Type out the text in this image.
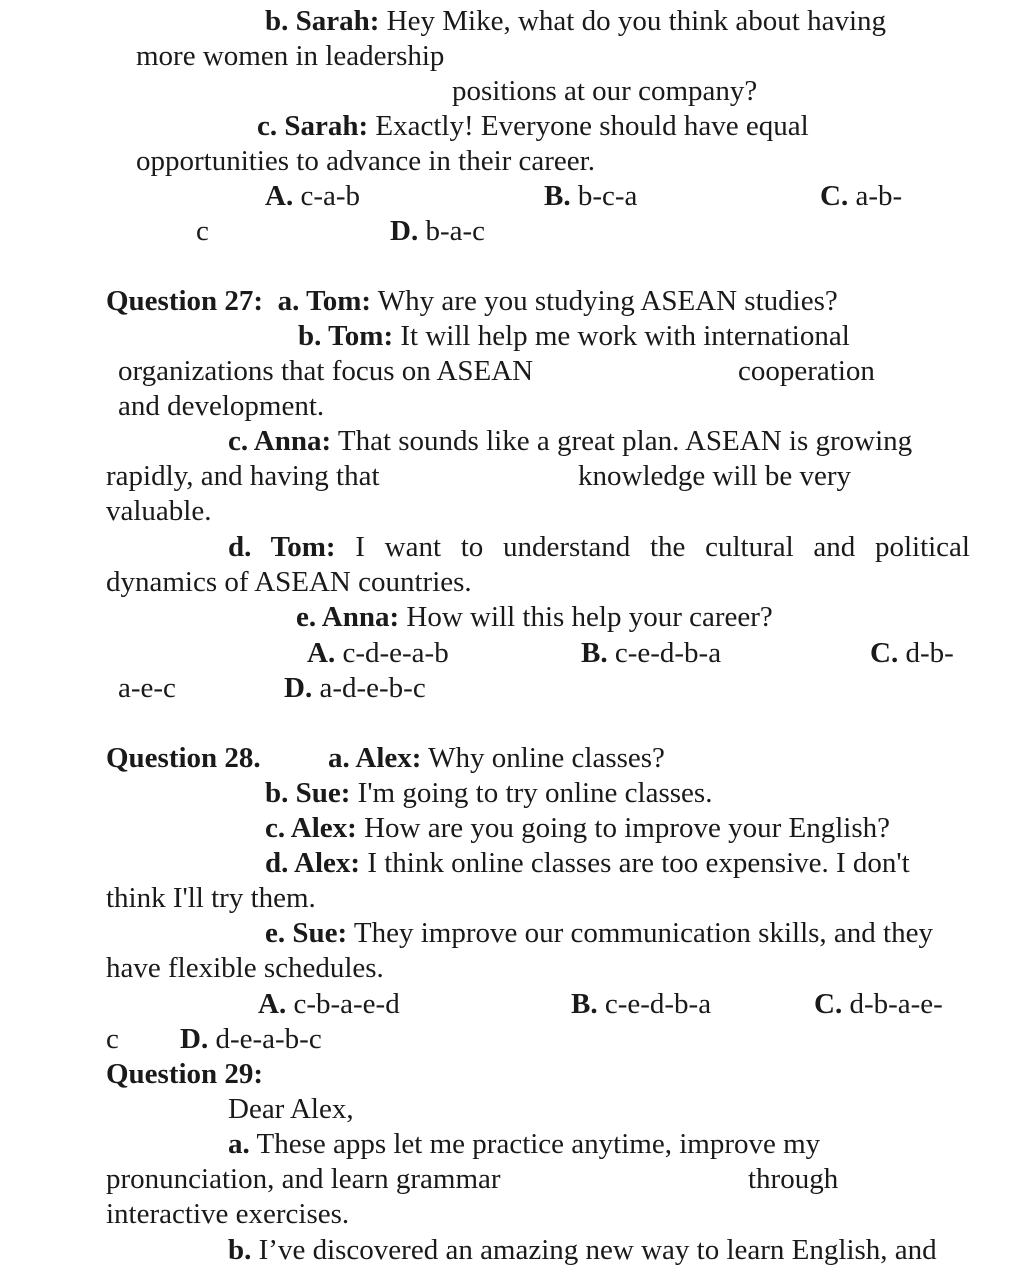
b. Sarah: Hey Mike, what do you think about having
more women in leadership
positions at our company?
c. Sarah: Exactly! Everyone should have equal
opportunities to advance in their career.
A. c-a-b	B. b-c-a	C. a-b-
c	D. b-a-c
Question 27: a. Tom: Why are you studying ASEAN studies?
b. Tom: It will help me work with international
organizations that focus on ASEAN	cooperation
and development.
c. Anna: That sounds like a great plan. ASEAN is growing
rapidly, and having that	knowledge will be very
valuable.
d. Tom: I want to understand the cultural and political
dynamics of ASEAN countries.
e. Anna: How will this help your career?
A. c-d-e-a-b	B. c-e-d-b-a	C. d-b-
a-e-c	D. a-d-e-b-c
Question 28. a. Alex: Why online classes?
b. Sue: I'm going to try online classes.
c. Alex: How are you going to improve your English?
d. Alex: I think online classes are too expensive. I don't
think I'll try them.
e. Sue: They improve our communication skills, and they
have flexible schedules.
A. c-b-a-e-d	B. c-e-d-b-a	C. d-b-a-e-
c D. d-e-a-b-c
Question 29:
Dear Alex,
a. These apps let me practice anytime, improve my
pronunciation, and learn grammar	through
interactive exercises.
b. I’ve discovered an amazing new way to learn English, and
